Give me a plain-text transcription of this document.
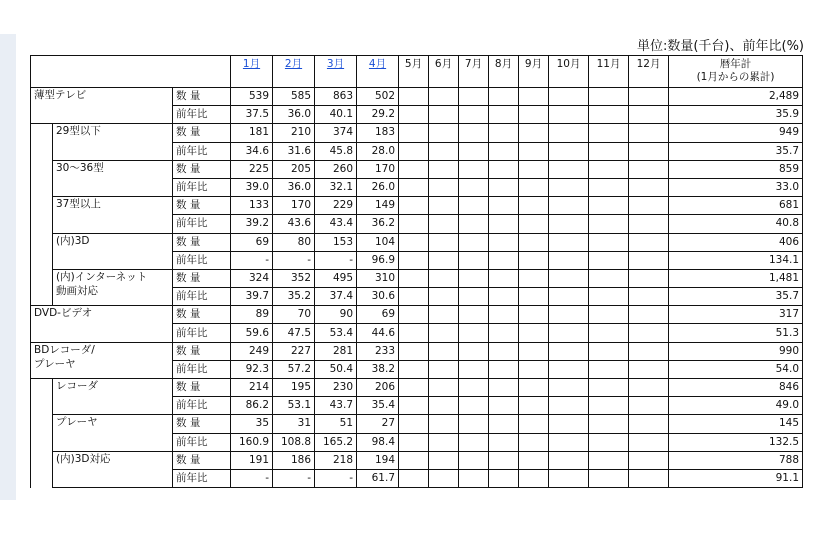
単位:数量(千台)、前年比(%)
			1月	2月	3月	4月	5月	6月	7月	8月	9月	10月	11月	12月	暦年計
(1月からの累計)

薄型テレビ		数 量	539	585	863	502									2,489
		前年比	37.5	36.0	40.1	29.2									35.9

	29型以下	数 量	181	210	374	183									949
		前年比	34.6	31.6	45.8	28.0									35.7

	30～36型	数 量	225	205	260	170									859
		前年比	39.0	36.0	32.1	26.0									33.0

	37型以上	数 量	133	170	229	149									681
		前年比	39.2	43.6	43.4	36.2									40.8

	(内)3D	数 量	69	80	153	104									406
		前年比	-	-	-	96.9									134.1

	(内)インターネット
動画対応	数 量	324	352	495	310									1,481
		前年比	39.7	35.2	37.4	30.6									35.7

DVD-ビデオ		数 量	89	70	90	69									317
		前年比	59.6	47.5	53.4	44.6									51.3

BDレコーダ/
プレーヤ		数 量	249	227	281	233									990
		前年比	92.3	57.2	50.4	38.2									54.0

	レコーダ	数 量	214	195	230	206									846
		前年比	86.2	53.1	43.7	35.4									49.0

	プレーヤ	数 量	35	31	51	27									145
		前年比	160.9	108.8	165.2	98.4									132.5

	(内)3D対応	数 量	191	186	218	194									788
		前年比	-	-	-	61.7									91.1
